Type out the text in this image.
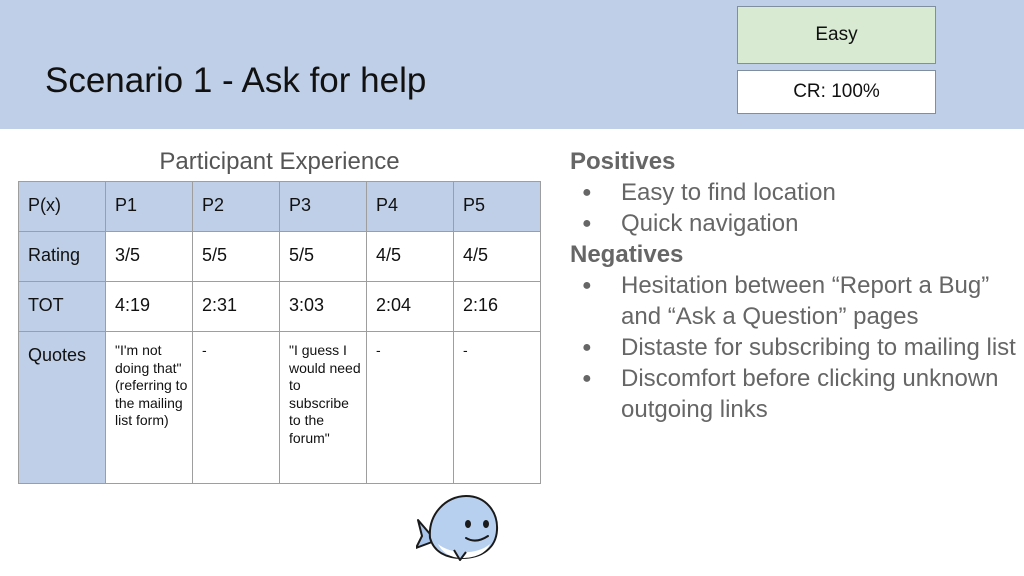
Scenario 1 - Ask for help
Easy
CR: 100%
Participant Experience
P(x)	P1	P2	P3	P4	P5

Rating	3/5	5/5	5/5	4/5	4/5

TOT	4:19	2:31	3:03	2:04	2:16

Quotes	"I'm not doing that" (referring to the mailing list form)	-	"I guess I would need to subscribe to the forum"	-	-
Positives
● Easy to find location
● Quick navigation
Negatives
● Hesitation between “Report a Bug” and “Ask a Question” pages
● Distaste for subscribing to mailing list
● Discomfort before clicking unknown outgoing links
